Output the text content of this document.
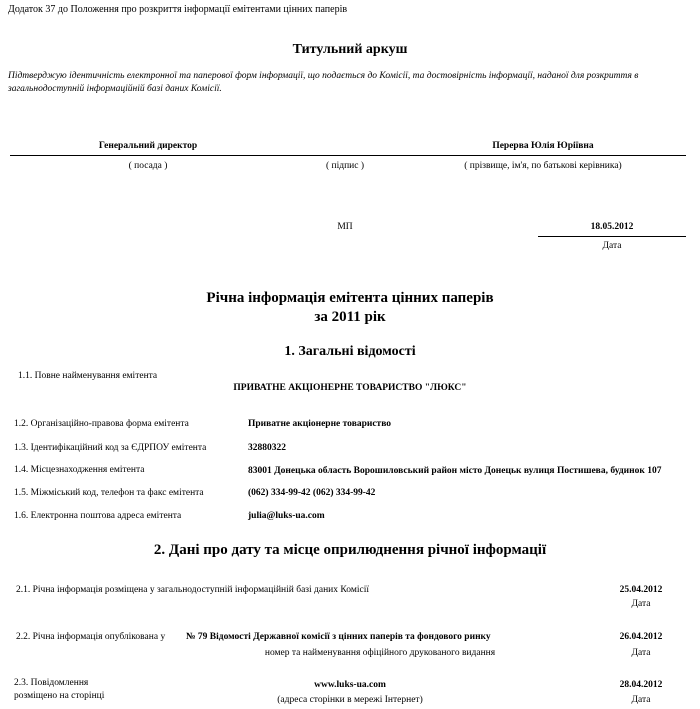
Додаток 37 до Положення про розкриття інформації емітентами цінних паперів
Титульний аркуш
Підтверджую ідентичність електронної та паперової форм інформації, що подається до Комісії, та достовірність інформації, наданої для розкриття в загальнодоступній інформаційній базі даних Комісії.
Генеральний директор	Перерва Юлія Юріївна
( посада )	( підпис )	( прізвище, ім'я, по батькові керівника)
МП	18.05.2012
Дата
Річна інформація емітента цінних паперів
за 2011 рік
1. Загальні відомості
1.1. Повне найменування емітента
ПРИВАТНЕ АКЦІОНЕРНЕ ТОВАРИСТВО "ЛЮКС"
1.2. Організаційно-правова форма емітента	Приватне акціонерне товариство
1.3. Ідентифікаційний код за ЄДРПОУ емітента	32880322
1.4. Місцезнаходження емітента	83001 Донецька область Ворошиловський район місто Донецьк вулиця Постишева, будинок 107
1.5. Міжміський код, телефон та факс емітента	(062) 334-99-42 (062) 334-99-42
1.6. Електронна поштова адреса емітента	julia@luks-ua.com
2. Дані про дату та місце оприлюднення річної інформації
2.1. Річна інформація розміщена у загальнодоступній інформаційній базі даних Комісії	25.04.2012
Дата
2.2. Річна інформація опублікована у № 79 Відомості Державної комісії з цінних паперів та фондового ринку
номер та найменування офіційного друкованого видання
26.04.2012
Дата
2.3. Повідомлення
розміщено на сторінці
www.luks-ua.com
(адреса сторінки в мережі Інтернет)
28.04.2012
Дата
